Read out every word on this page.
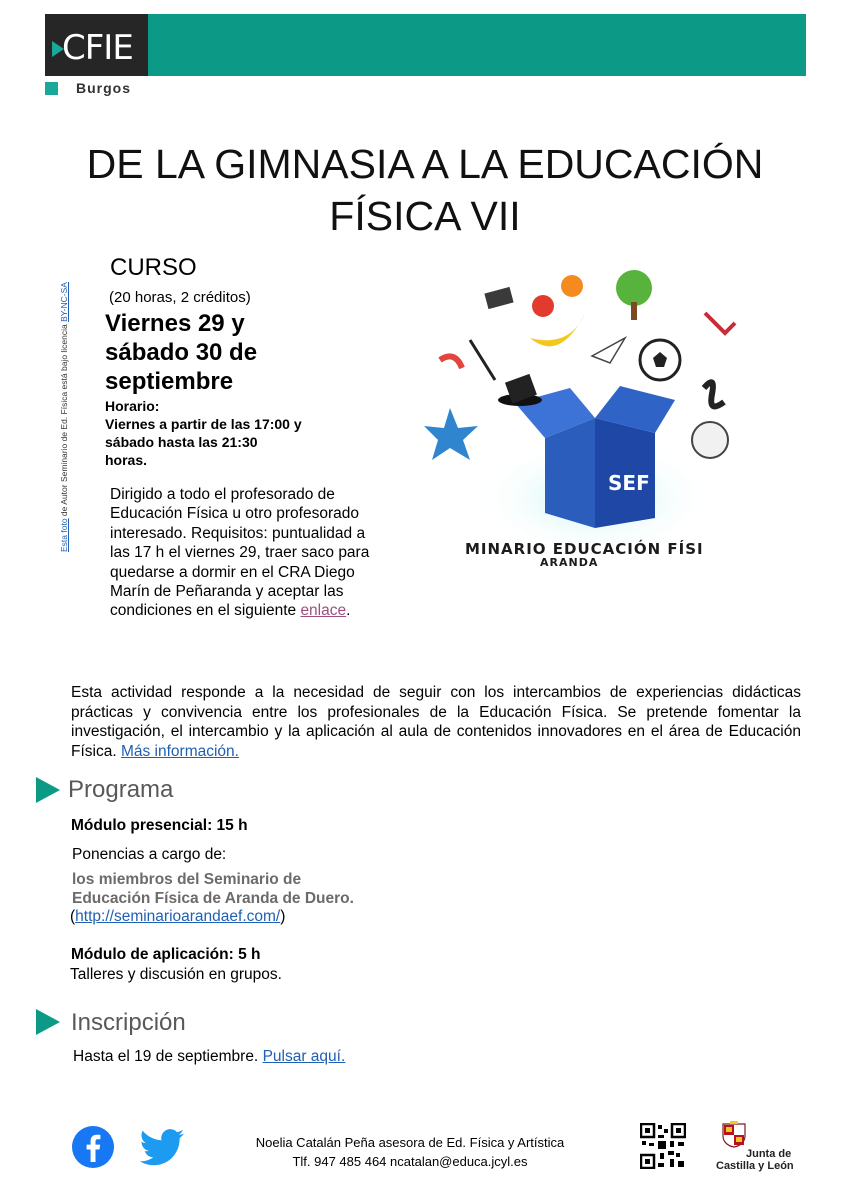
CFIE
Burgos
DE LA GIMNASIA A LA EDUCACIÓN
FÍSICA VII
CURSO
(20 horas, 2 créditos)
Viernes 29 y
sábado 30 de
septiembre
Horario:
Viernes a partir de las 17:00 y
sábado hasta las 21:30
horas.
Esta foto de Autor Seminario de Ed. Física está bajo licencia BY-NC-SA
SEF
MINARIO EDUCACIÓN FÍSI
ARANDA
Dirigido a todo el profesorado de Educación Física u otro profesorado interesado. Requisitos: puntualidad a las 17 h el viernes 29, traer saco para quedarse a dormir en el CRA Diego Marín de Peñaranda y aceptar las condiciones en el siguiente enlace.
Esta actividad responde a la necesidad de seguir con los intercambios de experiencias didácticas prácticas y convivencia entre los profesionales de la Educación Física. Se pretende fomentar la investigación, el intercambio y la aplicación al aula de contenidos innovadores en el área de Educación Física. Más información.
Programa
Módulo presencial: 15 h
Ponencias a cargo de:
los miembros del Seminario de
Educación Física de Aranda de Duero.
(http://seminarioarandaef.com/)
Módulo de aplicación: 5 h
Talleres y discusión en grupos.
Inscripción
Hasta el 19 de septiembre. Pulsar aquí.
Noelia Catalán Peña asesora de Ed. Física y Artística
Tlf. 947 485 464 ncatalan@educa.jcyl.es	Junta de
Castilla y León
